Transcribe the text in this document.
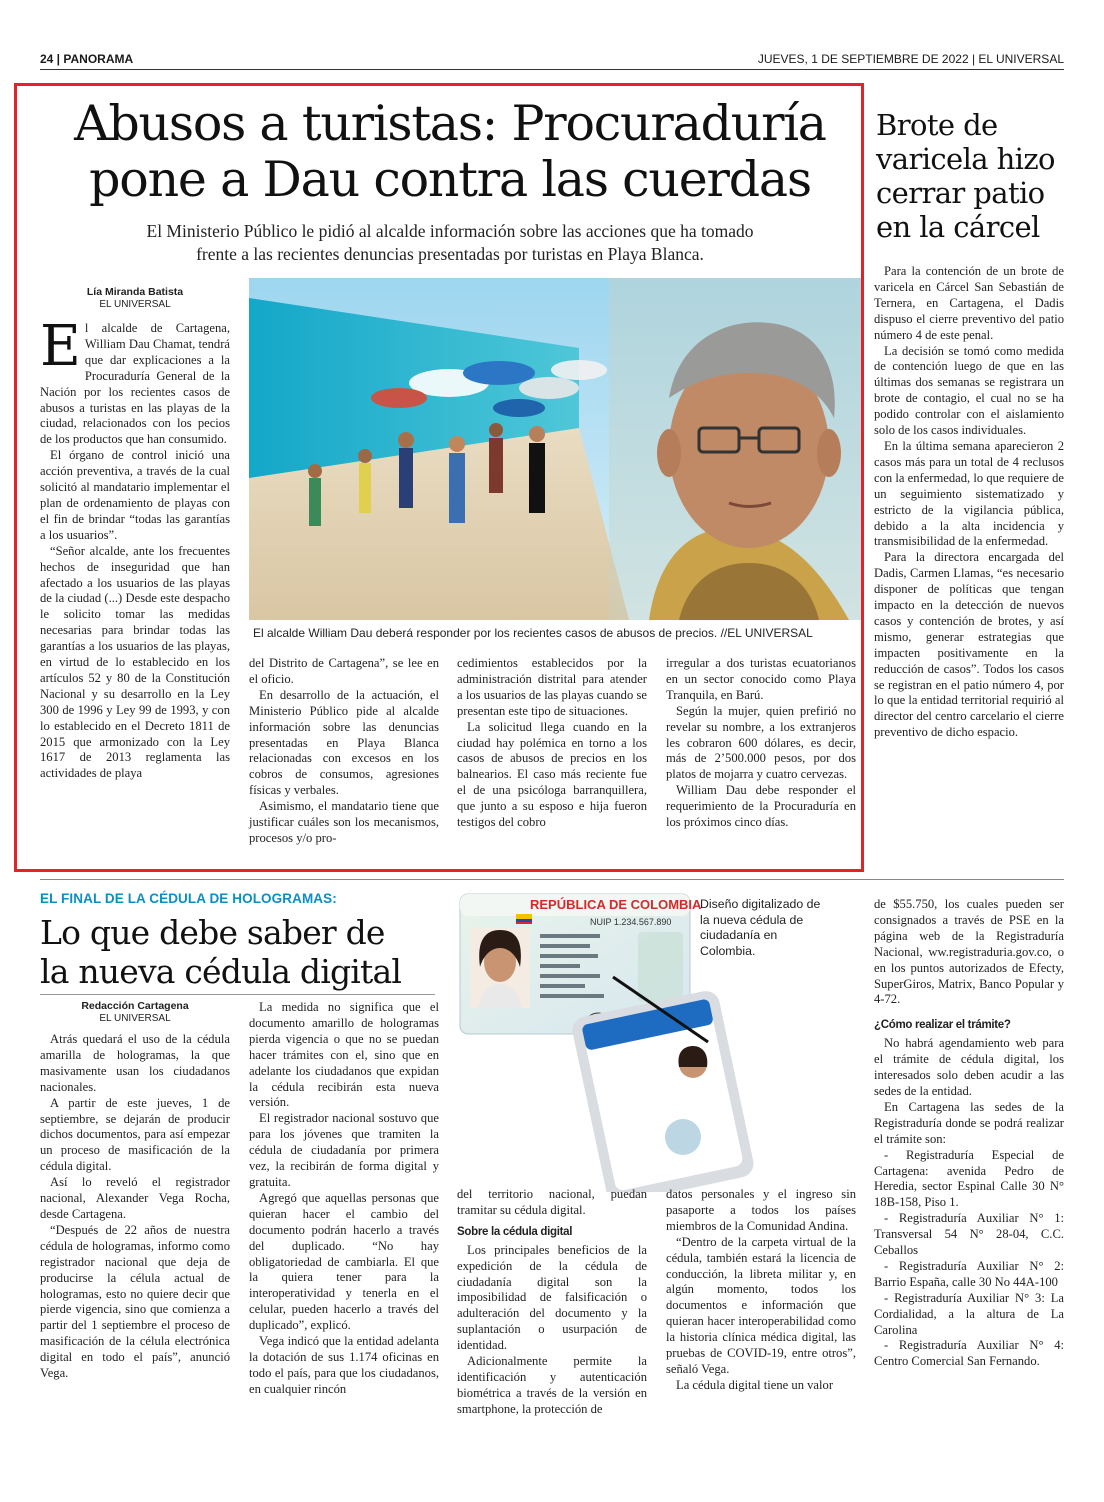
24 | PANORAMA	JUEVES, 1 DE SEPTIEMBRE DE 2022 | EL UNIVERSAL
Abusos a turistas: Procuraduría
pone a Dau contra las cuerdas
El Ministerio Público le pidió al alcalde información sobre las acciones que ha tomado
frente a las recientes denuncias presentadas por turistas en Playa Blanca.
Lía Miranda Batista
EL UNIVERSAL

El alcalde de Cartagena, William Dau Chamat, tendrá que dar explicaciones a la Procuraduría General de la Nación por los recientes casos de abusos a turistas en las playas de la ciudad, relacionados con los pecios de los productos que han consumido.

El órgano de control inició una acción preventiva, a través de la cual solicitó al mandatario implementar el plan de ordenamiento de playas con el fin de brindar “todas las garantías a los usuarios”.

“Señor alcalde, ante los frecuentes hechos de inseguridad que han afectado a los usuarios de las playas de la ciudad (...) Desde este despacho le solicito tomar las medidas necesarias para brindar todas las garantías a los usuarios de las playas, en virtud de lo establecido en los artículos 52 y 80 de la Constitución Nacional y su desarrollo en la Ley 300 de 1996 y Ley 99 de 1993, y con lo establecido en el Decreto 1811 de 2015 que armonizado con la Ley 1617 de 2013 reglamenta las actividades de playa

El alcalde William Dau deberá responder por los recientes casos de abusos de precios. //EL UNIVERSAL

del Distrito de Cartagena”, se lee en el oficio.

En desarrollo de la actuación, el Ministerio Público pide al alcalde información sobre las denuncias presentadas en Playa Blanca relacionadas con excesos en los cobros de consumos, agresiones físicas y verbales.

Asimismo, el mandatario tiene que justificar cuáles son los mecanismos, procesos y/o pro-

cedimientos establecidos por la administración distrital para atender a los usuarios de las playas cuando se presentan este tipo de situaciones.

La solicitud llega cuando en la ciudad hay polémica en torno a los casos de abusos de precios en los balnearios. El caso más reciente fue el de una psicóloga barranquillera, que junto a su esposo e hija fueron testigos del cobro

irregular a dos turistas ecuatorianos en un sector conocido como Playa Tranquila, en Barú.

Según la mujer, quien prefirió no revelar su nombre, a los extranjeros les cobraron 600 dólares, es decir, más de 2’500.000 pesos, por dos platos de mojarra y cuatro cervezas.

William Dau debe responder el requerimiento de la Procuraduría en los próximos cinco días.

Brote de varicela hizo cerrar patio en la cárcel

Para la contención de un brote de varicela en Cárcel San Sebastián de Ternera, en Cartagena, el Dadis dispuso el cierre preventivo del patio número 4 de este penal.

La decisión se tomó como medida de contención luego de que en las últimas dos semanas se registrara un brote de contagio, el cual no se ha podido controlar con el aislamiento solo de los casos individuales.

En la última semana aparecieron 2 casos más para un total de 4 reclusos con la enfermedad, lo que requiere de un seguimiento sistematizado y estricto de la vigilancia pública, debido a la alta incidencia y transmisibilidad de la enfermedad.

Para la directora encargada del Dadis, Carmen Llamas, “es necesario disponer de políticas que tengan impacto en la detección de nuevos casos y contención de brotes, y así mismo, generar estrategias que impacten positivamente en la reducción de casos”. Todos los casos se registran en el patio número 4, por lo que la entidad territorial requirió al director del centro carcelario el cierre preventivo de dicho espacio.

EL FINAL DE LA CÉDULA DE HOLOGRAMAS:
Lo que debe saber de
la nueva cédula digital
REPÚBLICA DE COLOMBIA
NUIP 1.234.567.890
Diseño digitalizado de la nueva cédula de ciudadanía en Colombia.
Redacción Cartagena
EL UNIVERSAL

Atrás quedará el uso de la cédula amarilla de hologramas, la que masivamente usan los ciudadanos nacionales.

A partir de este jueves, 1 de septiembre, se dejarán de producir dichos documentos, para así empezar un proceso de masificación de la cédula digital.

Así lo reveló el registrador nacional, Alexander Vega Rocha, desde Cartagena.

“Después de 22 años de nuestra cédula de hologramas, informo como registrador nacional que deja de producirse la célula actual de hologramas, esto no quiere decir que pierde vigencia, sino que comienza a partir del 1 septiembre el proceso de masificación de la célula electrónica digital en todo el país”, anunció Vega.

La medida no significa que el documento amarillo de hologramas pierda vigencia o que no se puedan hacer trámites con el, sino que en adelante los ciudadanos que expidan la cédula recibirán esta nueva versión.

El registrador nacional sostuvo que para los jóvenes que tramiten la cédula de ciudadanía por primera vez, la recibirán de forma digital y gratuita.

Agregó que aquellas personas que quieran hacer el cambio del documento podrán hacerlo a través del duplicado. “No hay obligatoriedad de cambiarla. El que la quiera tener para la interoperatividad y tenerla en el celular, pueden hacerlo a través del duplicado”, explicó.

Vega indicó que la entidad adelanta la dotación de sus 1.174 oficinas en todo el país, para que los ciudadanos, en cualquier rincón

del territorio nacional, puedan tramitar su cédula digital.

Sobre la cédula digital

Los principales beneficios de la expedición de la cédula de ciudadanía digital son la imposibilidad de falsificación o adulteración del documento y la suplantación o usurpación de identidad.

Adicionalmente permite la identificación y autenticación biométrica a través de la versión en smartphone, la protección de

datos personales y el ingreso sin pasaporte a todos los países miembros de la Comunidad Andina.

“Dentro de la carpeta virtual de la cédula, también estará la licencia de conducción, la libreta militar y, en algún momento, todos los documentos e información que quieran hacer interoperabilidad como la historia clínica médica digital, las pruebas de COVID-19, entre otros”, señaló Vega.

La cédula digital tiene un valor

de $55.750, los cuales pueden ser consignados a través de PSE en la página web de la Registraduría Nacional, ww.registraduria.gov.co, o en los puntos autorizados de Efecty, SuperGiros, Matrix, Banco Popular y 4-72.

¿Cómo realizar el trámite?

No habrá agendamiento web para el trámite de cédula digital, los interesados solo deben acudir a las sedes de la entidad.

En Cartagena las sedes de la Registraduría donde se podrá realizar el trámite son:

- Registraduría Especial de Cartagena: avenida Pedro de Heredia, sector Espinal Calle 30 N° 18B-158, Piso 1.

- Registraduría Auxiliar N° 1: Transversal 54 N° 28-04, C.C. Ceballos

- Registraduría Auxiliar N° 2: Barrio España, calle 30 No 44A-100

- Registraduría Auxiliar N° 3: La Cordialidad, a la altura de La Carolina

- Registraduría Auxiliar N° 4: Centro Comercial San Fernando.
